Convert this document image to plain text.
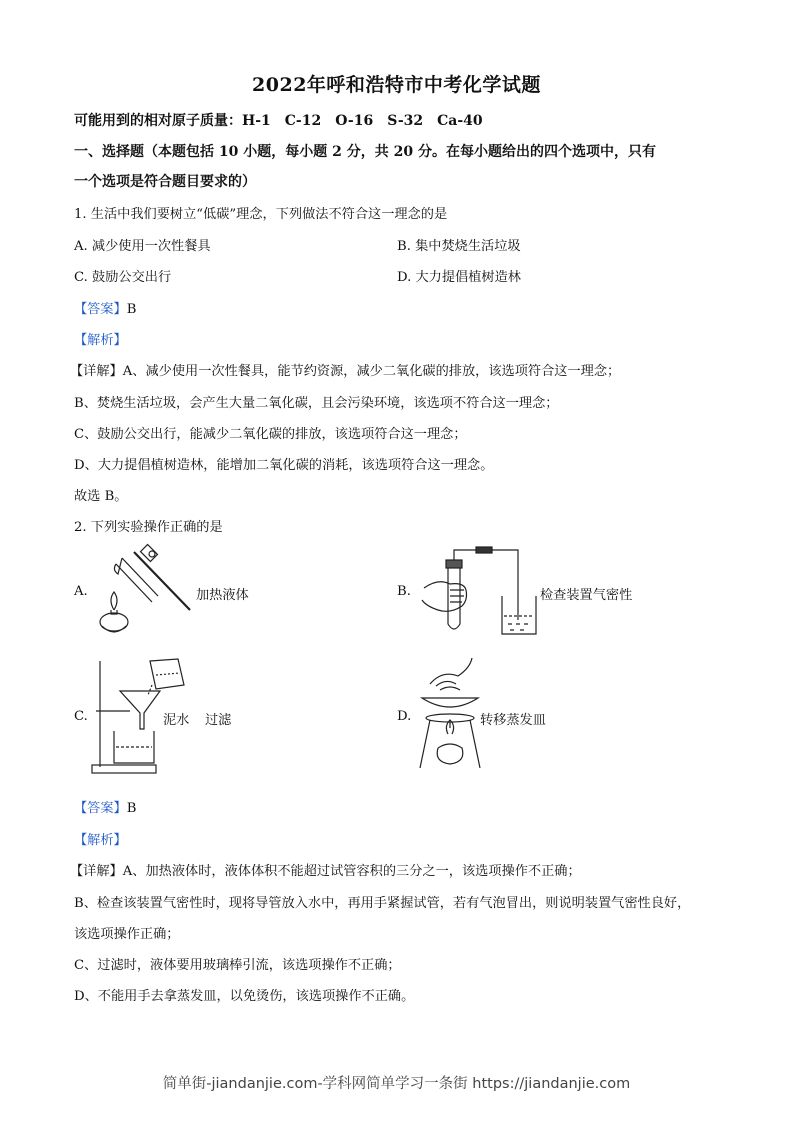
2022年呼和浩特市中考化学试题
可能用到的相对原子质量：H-1　C-12　O-16　S-32　Ca-40
一、选择题（本题包括 10 小题，每小题 2 分，共 20 分。在每小题给出的四个选项中，只有
一个选项是符合题目要求的）
1. 生活中我们要树立“低碳”理念，下列做法不符合这一理念的是
A. 减少使用一次性餐具	B. 集中焚烧生活垃圾
C. 鼓励公交出行	D. 大力提倡植树造林
【答案】B
【解析】
【详解】A、减少使用一次性餐具，能节约资源，减少二氧化碳的排放，该选项符合这一理念；
B、焚烧生活垃圾，会产生大量二氧化碳，且会污染环境，该选项不符合这一理念；
C、鼓励公交出行，能减少二氧化碳的排放，该选项符合这一理念；
D、大力提倡植树造林，能增加二氧化碳的消耗，该选项符合这一理念。
故选 B。
2. 下列实验操作正确的是
A.	加热液体	B.	检查装置气密性
C.	泥水 过滤	D.	转移蒸发皿
【答案】B
【解析】
【详解】A、加热液体时，液体体积不能超过试管容积的三分之一，该选项操作不正确；
B、检查该装置气密性时，现将导管放入水中，再用手紧握试管，若有气泡冒出，则说明装置气密性良好，
该选项操作正确；
C、过滤时，液体要用玻璃棒引流，该选项操作不正确；
D、不能用手去拿蒸发皿，以免烫伤，该选项操作不正确。
简单街-jiandanjie.com-学科网简单学习一条街 https://jiandanjie.com
